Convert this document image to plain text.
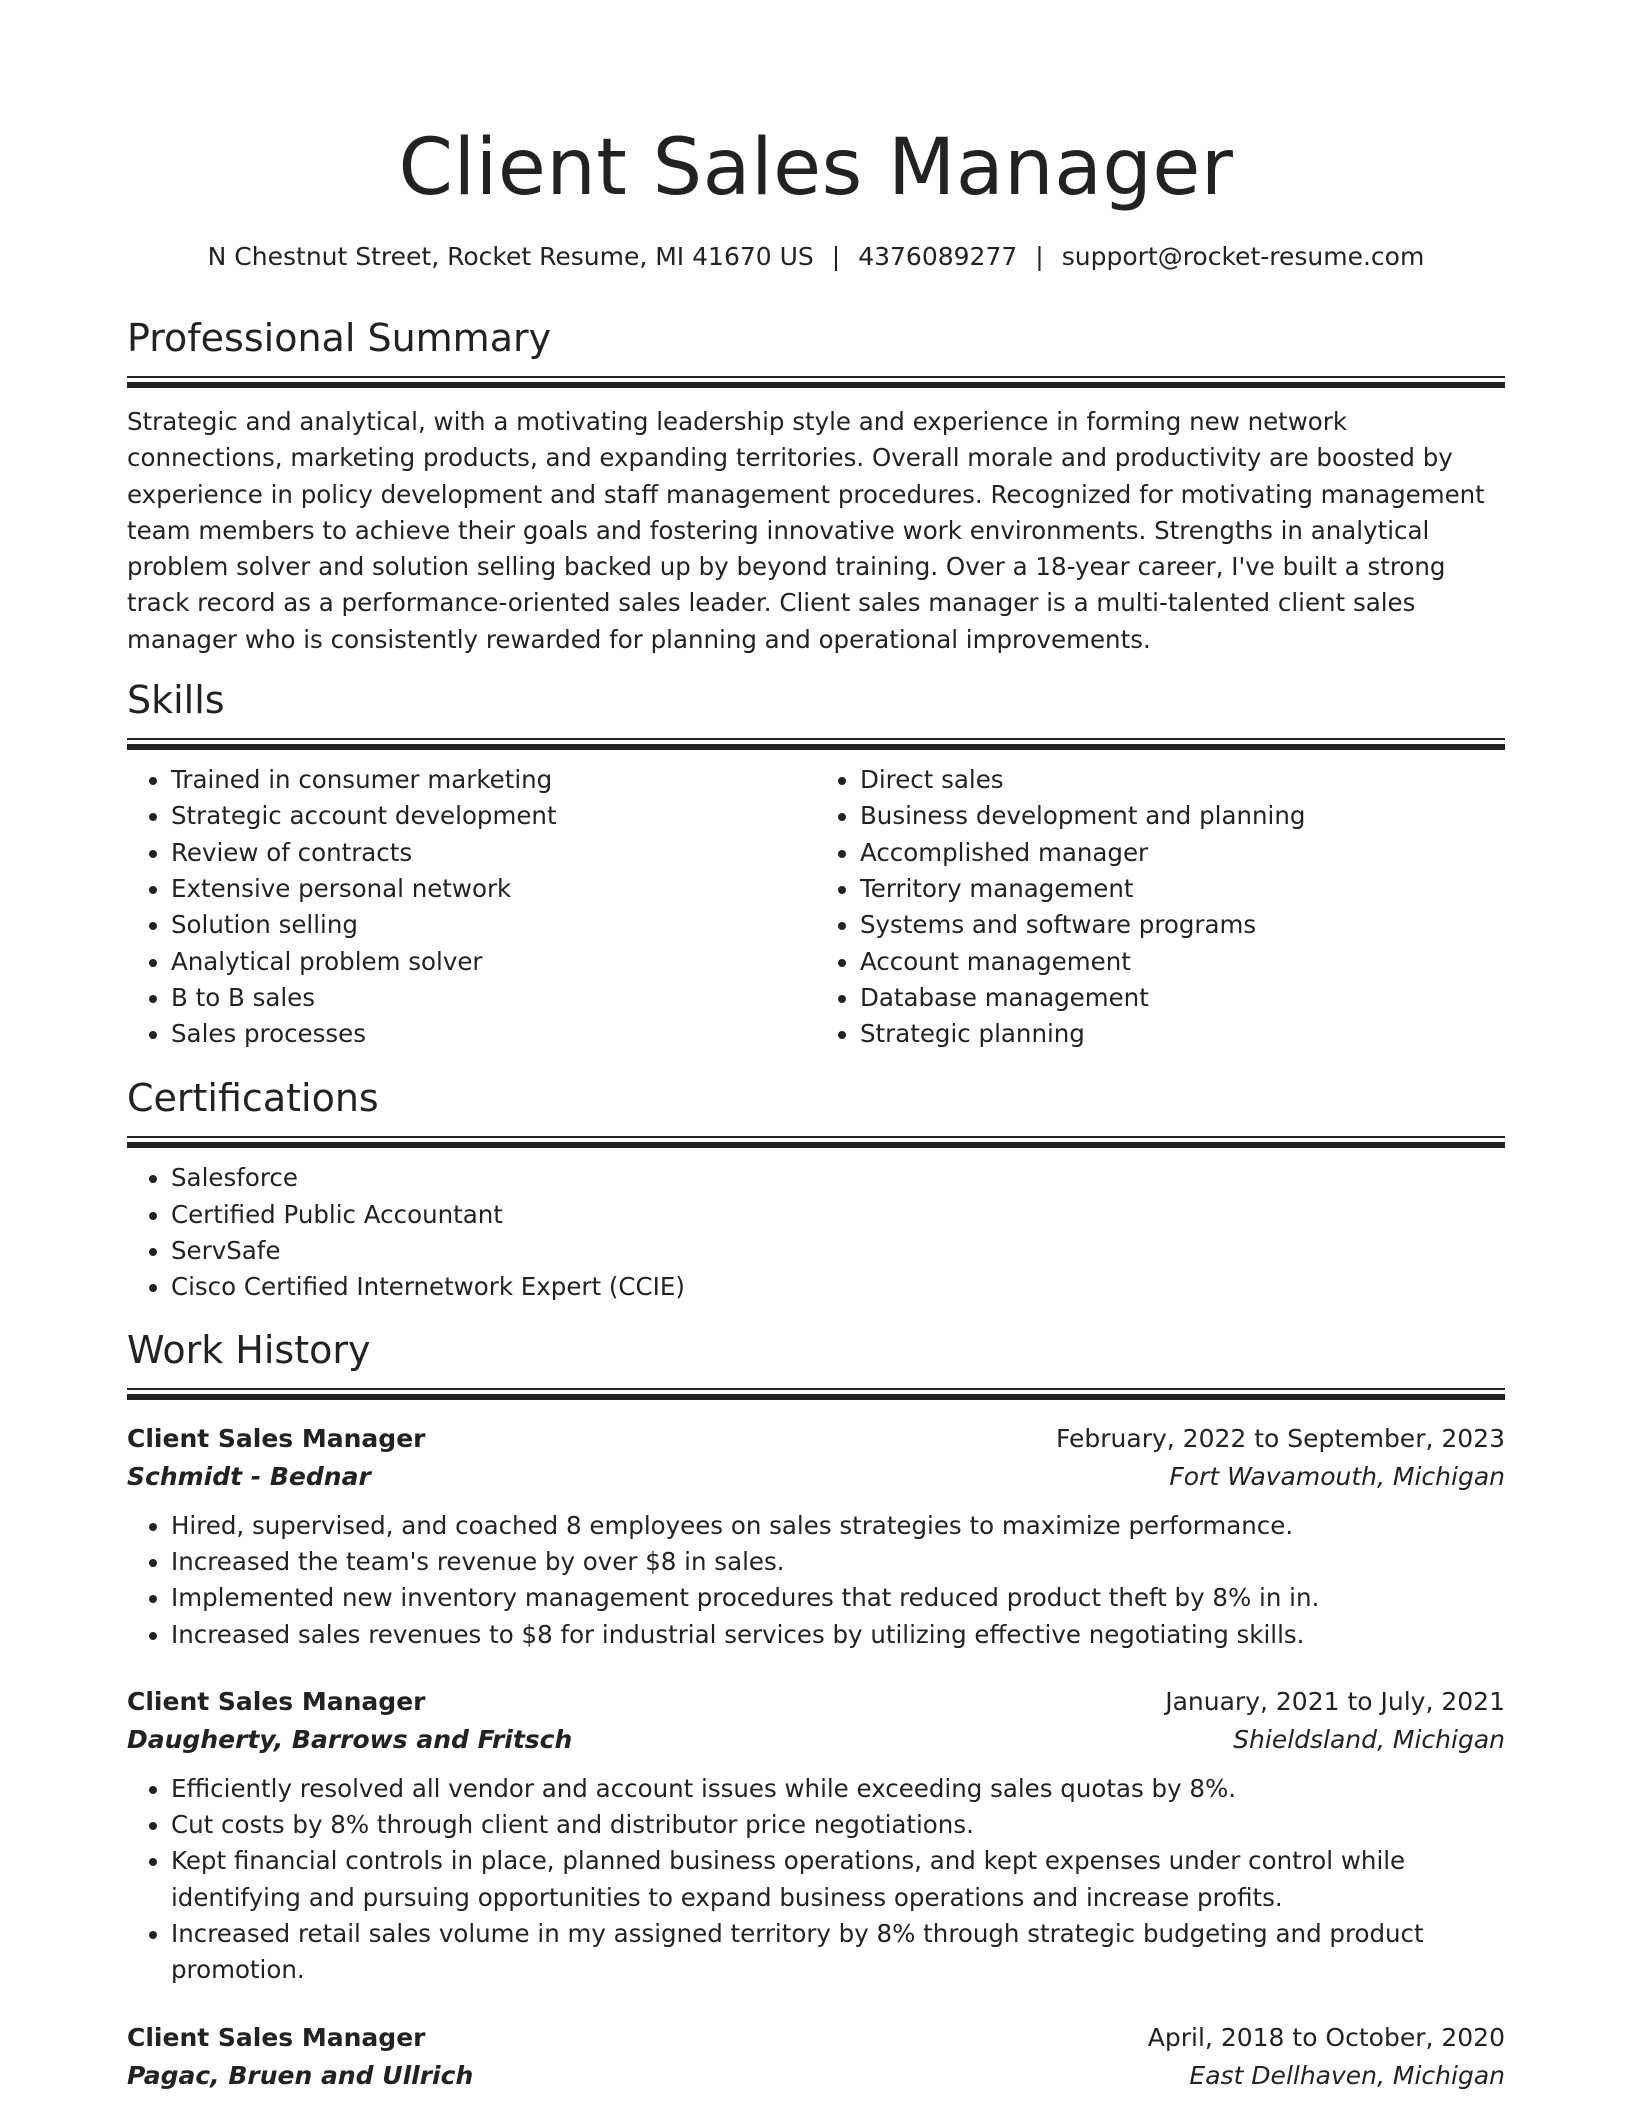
Client Sales Manager
N Chestnut Street, Rocket Resume, MI 41670 US | 4376089277 | support@rocket-resume.com
Professional Summary

Strategic and analytical, with a motivating leadership style and experience in forming new network connections, marketing products, and expanding territories. Overall morale and productivity are boosted by experience in policy development and staff management procedures. Recognized for motivating management team members to achieve their goals and fostering innovative work environments. Strengths in analytical problem solver and solution selling backed up by beyond training. Over a 18-year career, I've built a strong track record as a performance-oriented sales leader. Client sales manager is a multi-talented client sales manager who is consistently rewarded for planning and operational improvements.

Skills
• Trained in consumer marketing
• Strategic account development
• Review of contracts
• Extensive personal network
• Solution selling
• Analytical problem solver
• B to B sales
• Sales processes
• Direct sales
• Business development and planning
• Accomplished manager
• Territory management
• Systems and software programs
• Account management
• Database management
• Strategic planning
Certifications
• Salesforce
• Certified Public Accountant
• ServSafe
• Cisco Certified Internetwork Expert (CCIE)
Work History
Client Sales Manager	February, 2022 to September, 2023
Schmidt - Bednar	Fort Wavamouth, Michigan
• Hired, supervised, and coached 8 employees on sales strategies to maximize performance.
• Increased the team's revenue by over $8 in sales.
• Implemented new inventory management procedures that reduced product theft by 8% in in.
• Increased sales revenues to $8 for industrial services by utilizing effective negotiating skills.
Client Sales Manager	January, 2021 to July, 2021
Daugherty, Barrows and Fritsch	Shieldsland, Michigan
• Efficiently resolved all vendor and account issues while exceeding sales quotas by 8%.
• Cut costs by 8% through client and distributor price negotiations.
• Kept financial controls in place, planned business operations, and kept expenses under control while identifying and pursuing opportunities to expand business operations and increase profits.
• Increased retail sales volume in my assigned territory by 8% through strategic budgeting and product promotion.
Client Sales Manager	April, 2018 to October, 2020
Pagac, Bruen and Ullrich	East Dellhaven, Michigan
